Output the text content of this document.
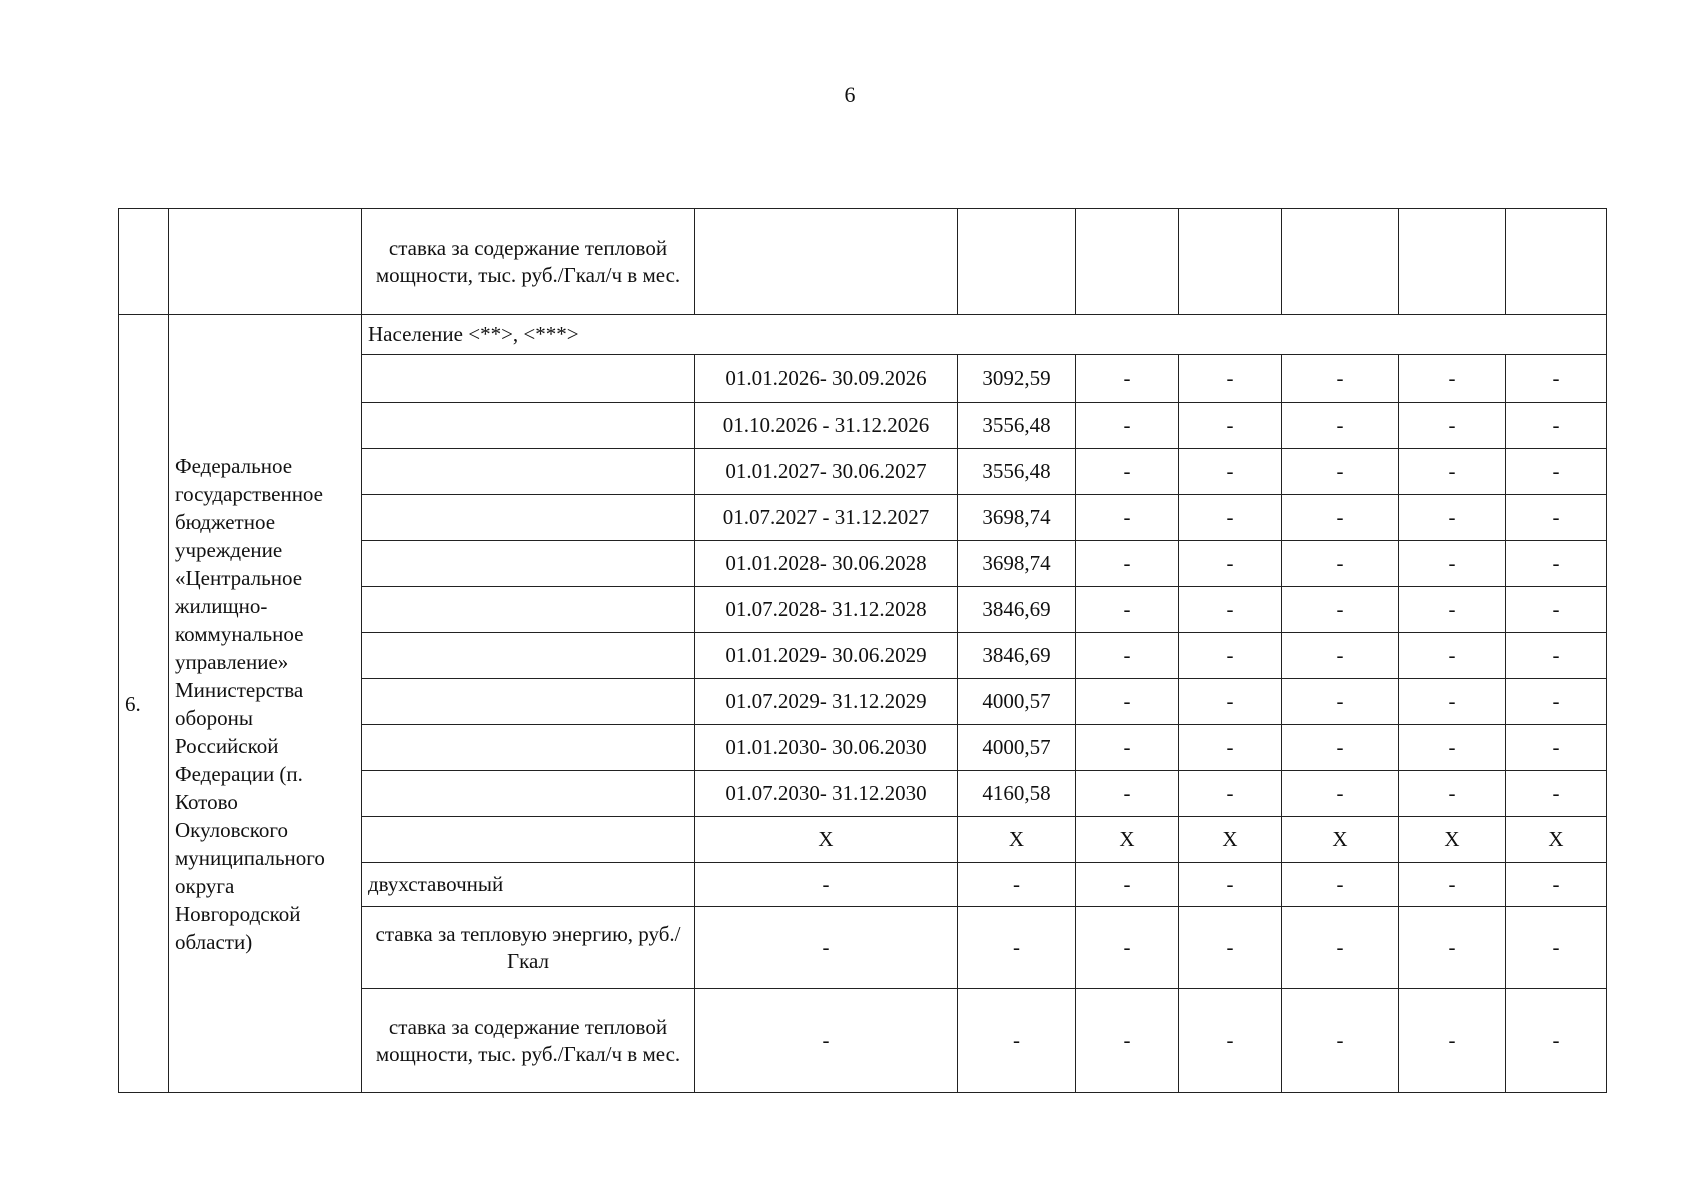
6
		ставка за содержание тепловой мощности, тыс. руб./Гкал/ч в мес.							
6.	Федеральное государственное бюджетное учреждение «Центральное жилищно-коммунальное управление» Министерства обороны Российской Федерации (п. Котово Окуловского муниципального округа Новгородской области)	Население <**>, <***>							
			01.01.2026- 30.09.2026	3092,59	-	-	-	-	-
			01.10.2026 - 31.12.2026	3556,48	-	-	-	-	-
			01.01.2027- 30.06.2027	3556,48	-	-	-	-	-
			01.07.2027 - 31.12.2027	3698,74	-	-	-	-	-
			01.01.2028- 30.06.2028	3698,74	-	-	-	-	-
			01.07.2028- 31.12.2028	3846,69	-	-	-	-	-
			01.01.2029- 30.06.2029	3846,69	-	-	-	-	-
			01.07.2029- 31.12.2029	4000,57	-	-	-	-	-
			01.01.2030- 30.06.2030	4000,57	-	-	-	-	-
			01.07.2030- 31.12.2030	4160,58	-	-	-	-	-
			X	X	X	X	X	X	X
		двухставочный	-	-	-	-	-	-	-
		ставка за тепловую энергию, руб./Гкал	-	-	-	-	-	-	-
		ставка за содержание тепловой мощности, тыс. руб./Гкал/ч в мес.	-	-	-	-	-	-	-
